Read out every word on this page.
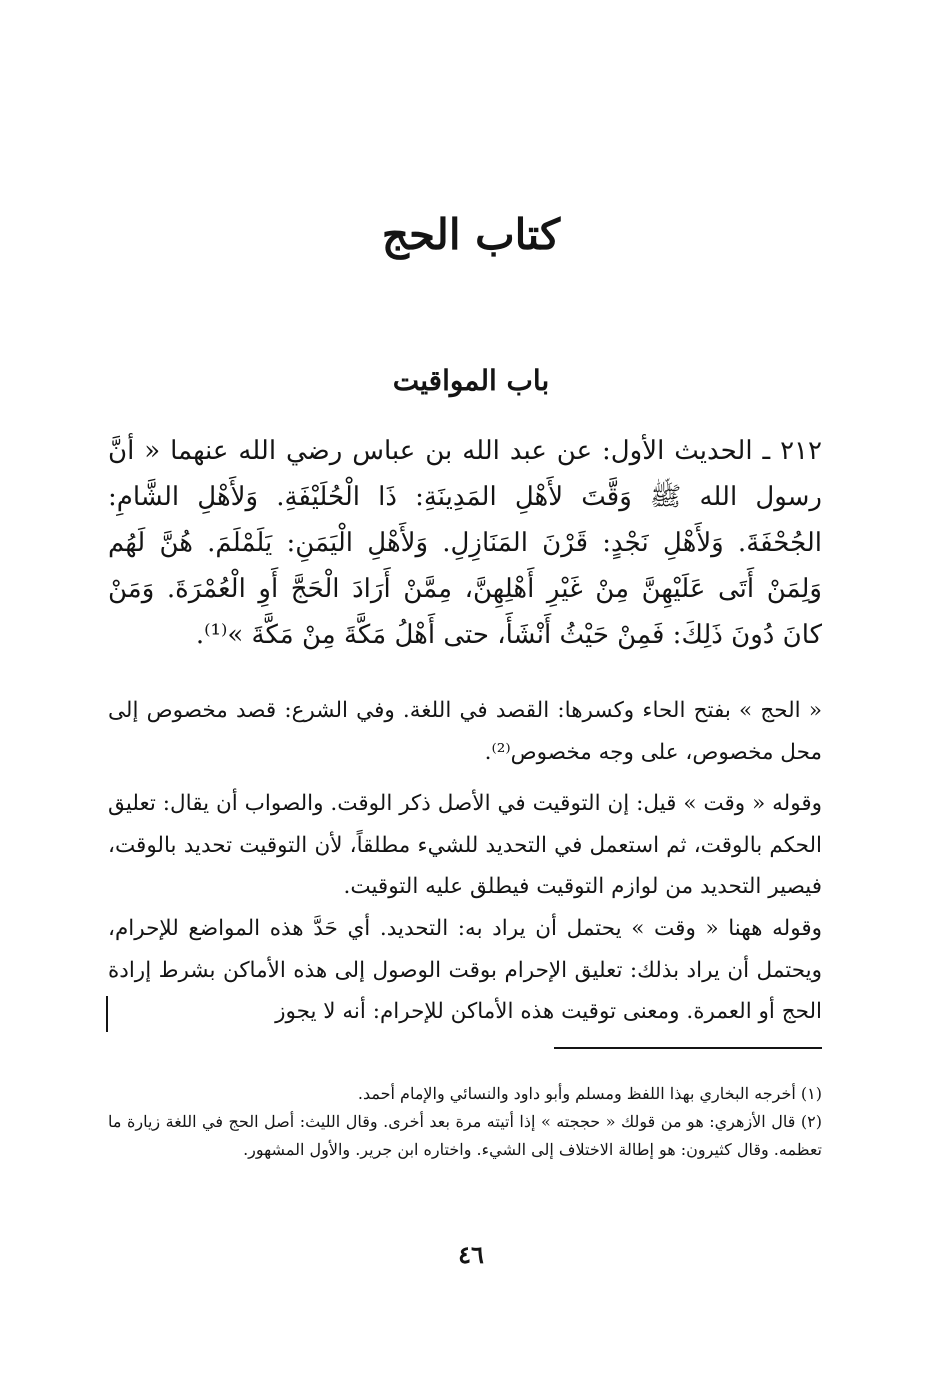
كتاب الحج
باب المواقيت

٢١٢ ـ الحديث الأول: عن عبد الله بن عباس رضي الله عنهما « أنَّ رسول الله ﷺ وَقَّتَ لأَهْلِ المَدِينَةِ: ذَا الْحُلَيْفَةِ. وَلأَهْلِ الشَّامِ: الجُحْفَةَ. وَلأَهْلِ نَجْدٍ: قَرْنَ المَنَازِلِ. وَلأَهْلِ الْيَمَنِ: يَلَمْلَمَ. هُنَّ لَهُم وَلِمَنْ أَتَى عَلَيْهِنَّ مِنْ غَيْرِ أَهْلِهِنَّ، مِمَّنْ أَرَادَ الْحَجَّ أَوِ الْعُمْرَةَ. وَمَنْ كانَ دُونَ ذَلِكَ: فَمِنْ حَيْثُ أَنْشَأَ، حتى أَهْلُ مَكَّةَ مِنْ مَكَّةَ »⁽¹⁾.

« الحج » بفتح الحاء وكسرها: القصد في اللغة. وفي الشرع: قصد مخصوص إلى محل مخصوص، على وجه مخصوص⁽²⁾.

وقوله « وقت » قيل: إن التوقيت في الأصل ذكر الوقت. والصواب أن يقال: تعليق الحكم بالوقت، ثم استعمل في التحديد للشيء مطلقاً، لأن التوقيت تحديد بالوقت، فيصير التحديد من لوازم التوقيت فيطلق عليه التوقيت.

وقوله ههنا « وقت » يحتمل أن يراد به: التحديد. أي حَدَّ هذه المواضع للإحرام، ويحتمل أن يراد بذلك: تعليق الإحرام بوقت الوصول إلى هذه الأماكن بشرط إرادة الحج أو العمرة. ومعنى توقيت هذه الأماكن للإحرام: أنه لا يجوز

(١) أخرجه البخاري بهذا اللفظ ومسلم وأبو داود والنسائي والإمام أحمد.

(٢) قال الأزهري: هو من قولك « حججته » إذا أتيته مرة بعد أخرى. وقال الليث: أصل الحج في اللغة زيارة ما تعظمه. وقال كثيرون: هو إطالة الاختلاف إلى الشيء. واختاره ابن جرير. والأول المشهور.

٤٦
